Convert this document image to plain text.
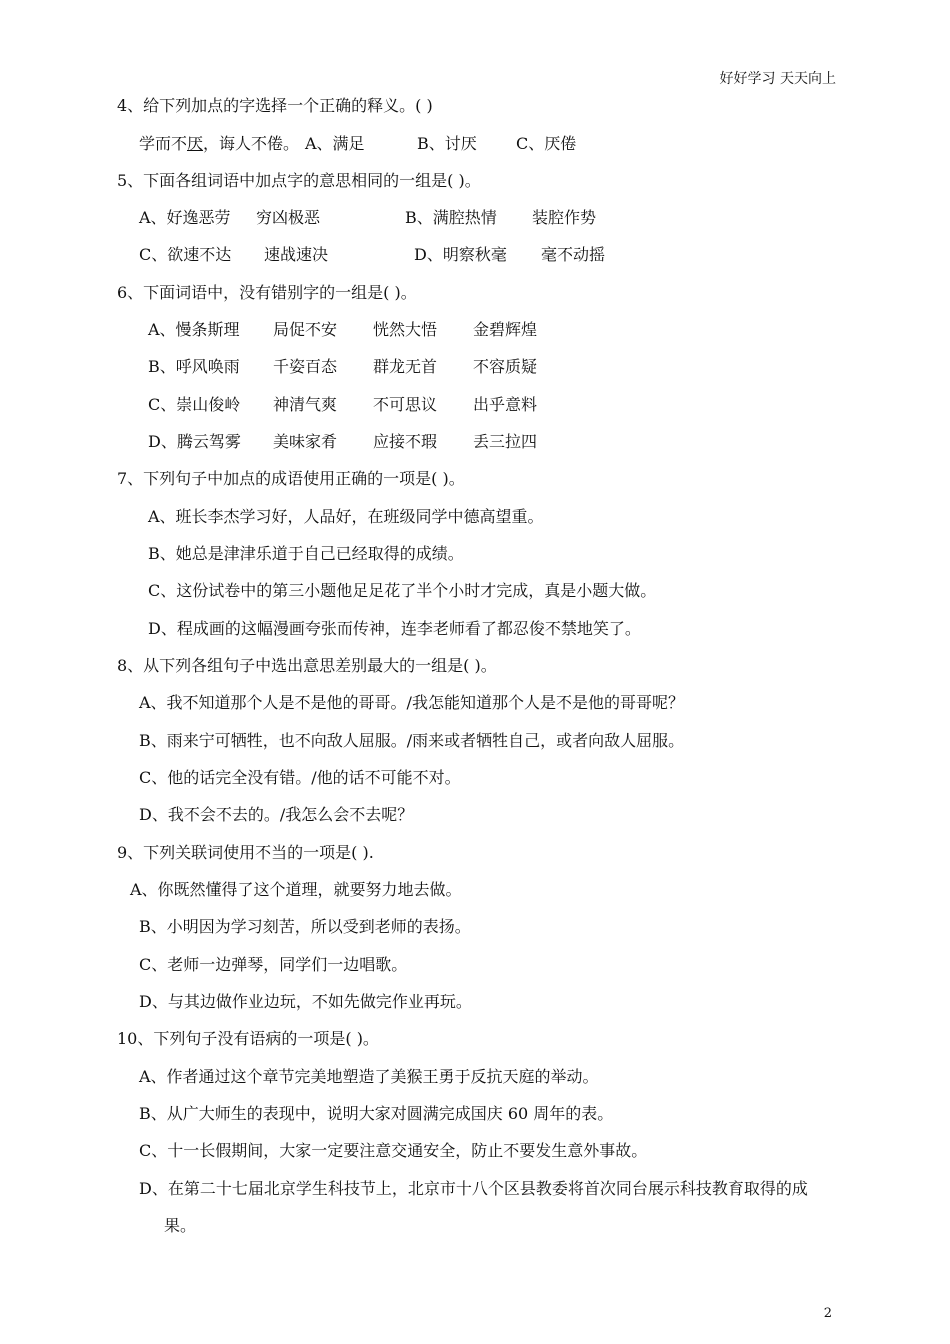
好好学习 天天向上
4、给下列加点的字选择一个正确的释义。( )
学而不厌，诲人不倦。 A、满足	B、讨厌 C、厌倦
5、下面各组词语中加点字的意思相同的一组是( )。
A、好逸恶劳 穷凶极恶	B、满腔热情 装腔作势
C、欲速不达 速战速决	D、明察秋毫 毫不动摇
6、下面词语中，没有错别字的一组是( )。
A、慢条斯理 局促不安 恍然大悟 金碧辉煌
B、呼风唤雨 千姿百态 群龙无首 不容质疑
C、崇山俊岭 神清气爽 不可思议 出乎意料
D、腾云驾雾 美味家肴 应接不瑕 丢三拉四
7、下列句子中加点的成语使用正确的一项是( )。
A、班长李杰学习好，人品好，在班级同学中德高望重。
B、她总是津津乐道于自己已经取得的成绩。
C、这份试卷中的第三小题他足足花了半个小时才完成，真是小题大做。
D、程成画的这幅漫画夸张而传神，连李老师看了都忍俊不禁地笑了。
8、从下列各组句子中选出意思差别最大的一组是( )。
A、我不知道那个人是不是他的哥哥。/我怎能知道那个人是不是他的哥哥呢？
B、雨来宁可牺牲，也不向敌人屈服。/雨来或者牺牲自己，或者向敌人屈服。
C、他的话完全没有错。/他的话不可能不对。
D、我不会不去的。/我怎么会不去呢？
9、下列关联词使用不当的一项是( ).
A、你既然懂得了这个道理，就要努力地去做。
B、小明因为学习刻苦，所以受到老师的表扬。
C、老师一边弹琴，同学们一边唱歌。
D、与其边做作业边玩，不如先做完作业再玩。
10、下列句子没有语病的一项是( )。
A、作者通过这个章节完美地塑造了美猴王勇于反抗天庭的举动。
B、从广大师生的表现中，说明大家对圆满完成国庆 60 周年的表。
C、十一长假期间，大家一定要注意交通安全，防止不要发生意外事故。
D、在第二十七届北京学生科技节上，北京市十八个区县教委将首次同台展示科技教育取得的成
果。
2
